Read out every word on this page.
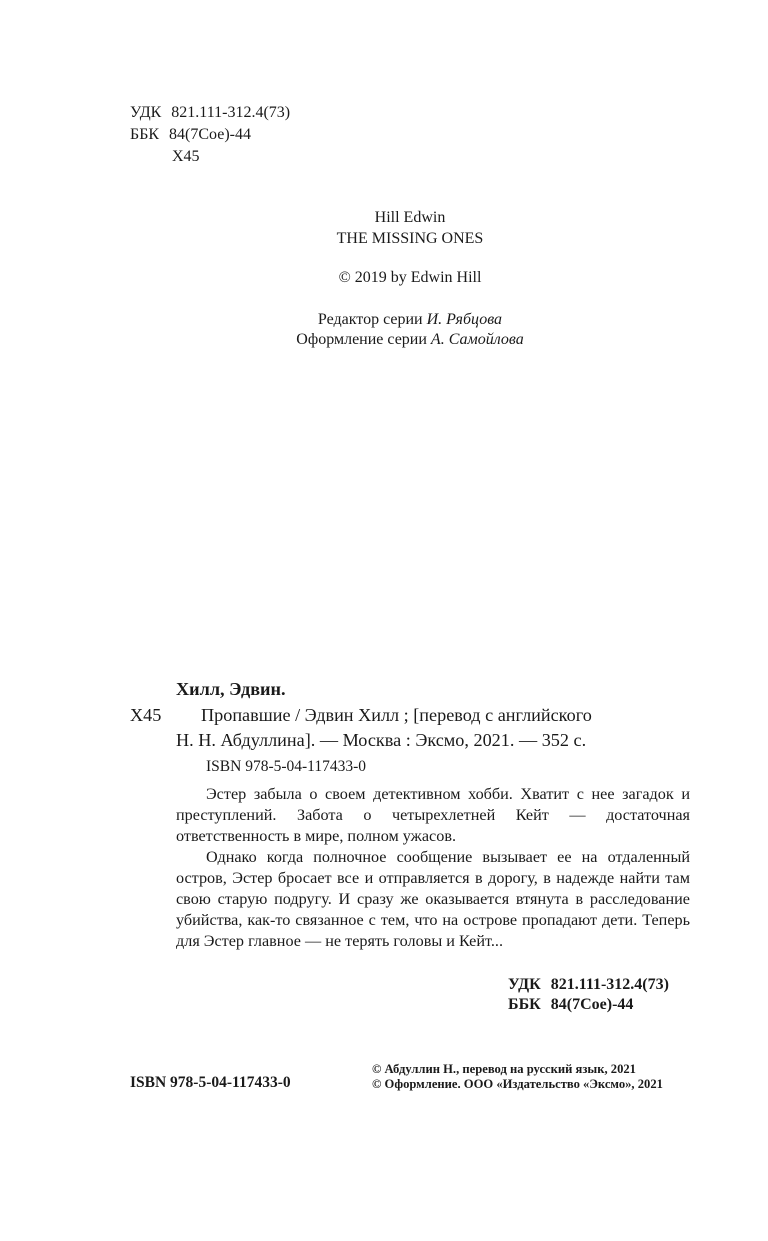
УДК 821.111-312.4(73)
ББК 84(7Сое)-44
Х45
Hill Edwin
THE MISSING ONES
© 2019 by Edwin Hill
Редактор серии И. Рябцова
Оформление серии А. Самойлова
Хилл, Эдвин.
Х45 Пропавшие / Эдвин Хилл ; [перевод с английского
Н. Н. Абдуллина]. — Москва : Эксмо, 2021. — 352 с.
ISBN 978-5-04-117433-0

Эстер забыла о своем детективном хобби. Хватит с нее загадок и преступлений. Забота о четырехлетней Кейт — достаточная ответственность в мире, полном ужасов.

Однако когда полночное сообщение вызывает ее на отдаленный остров, Эстер бросает все и отправляется в дорогу, в надежде найти там свою старую подругу. И сразу же оказывается втянута в расследование убийства, как-то связанное с тем, что на острове пропадают дети. Теперь для Эстер главное — не терять головы и Кейт...

УДК 821.111-312.4(73)
ББК 84(7Сое)-44
ISBN 978-5-04-117433-0
© Абдуллин Н., перевод на русский язык, 2021
© Оформление. ООО «Издательство «Эксмо», 2021
